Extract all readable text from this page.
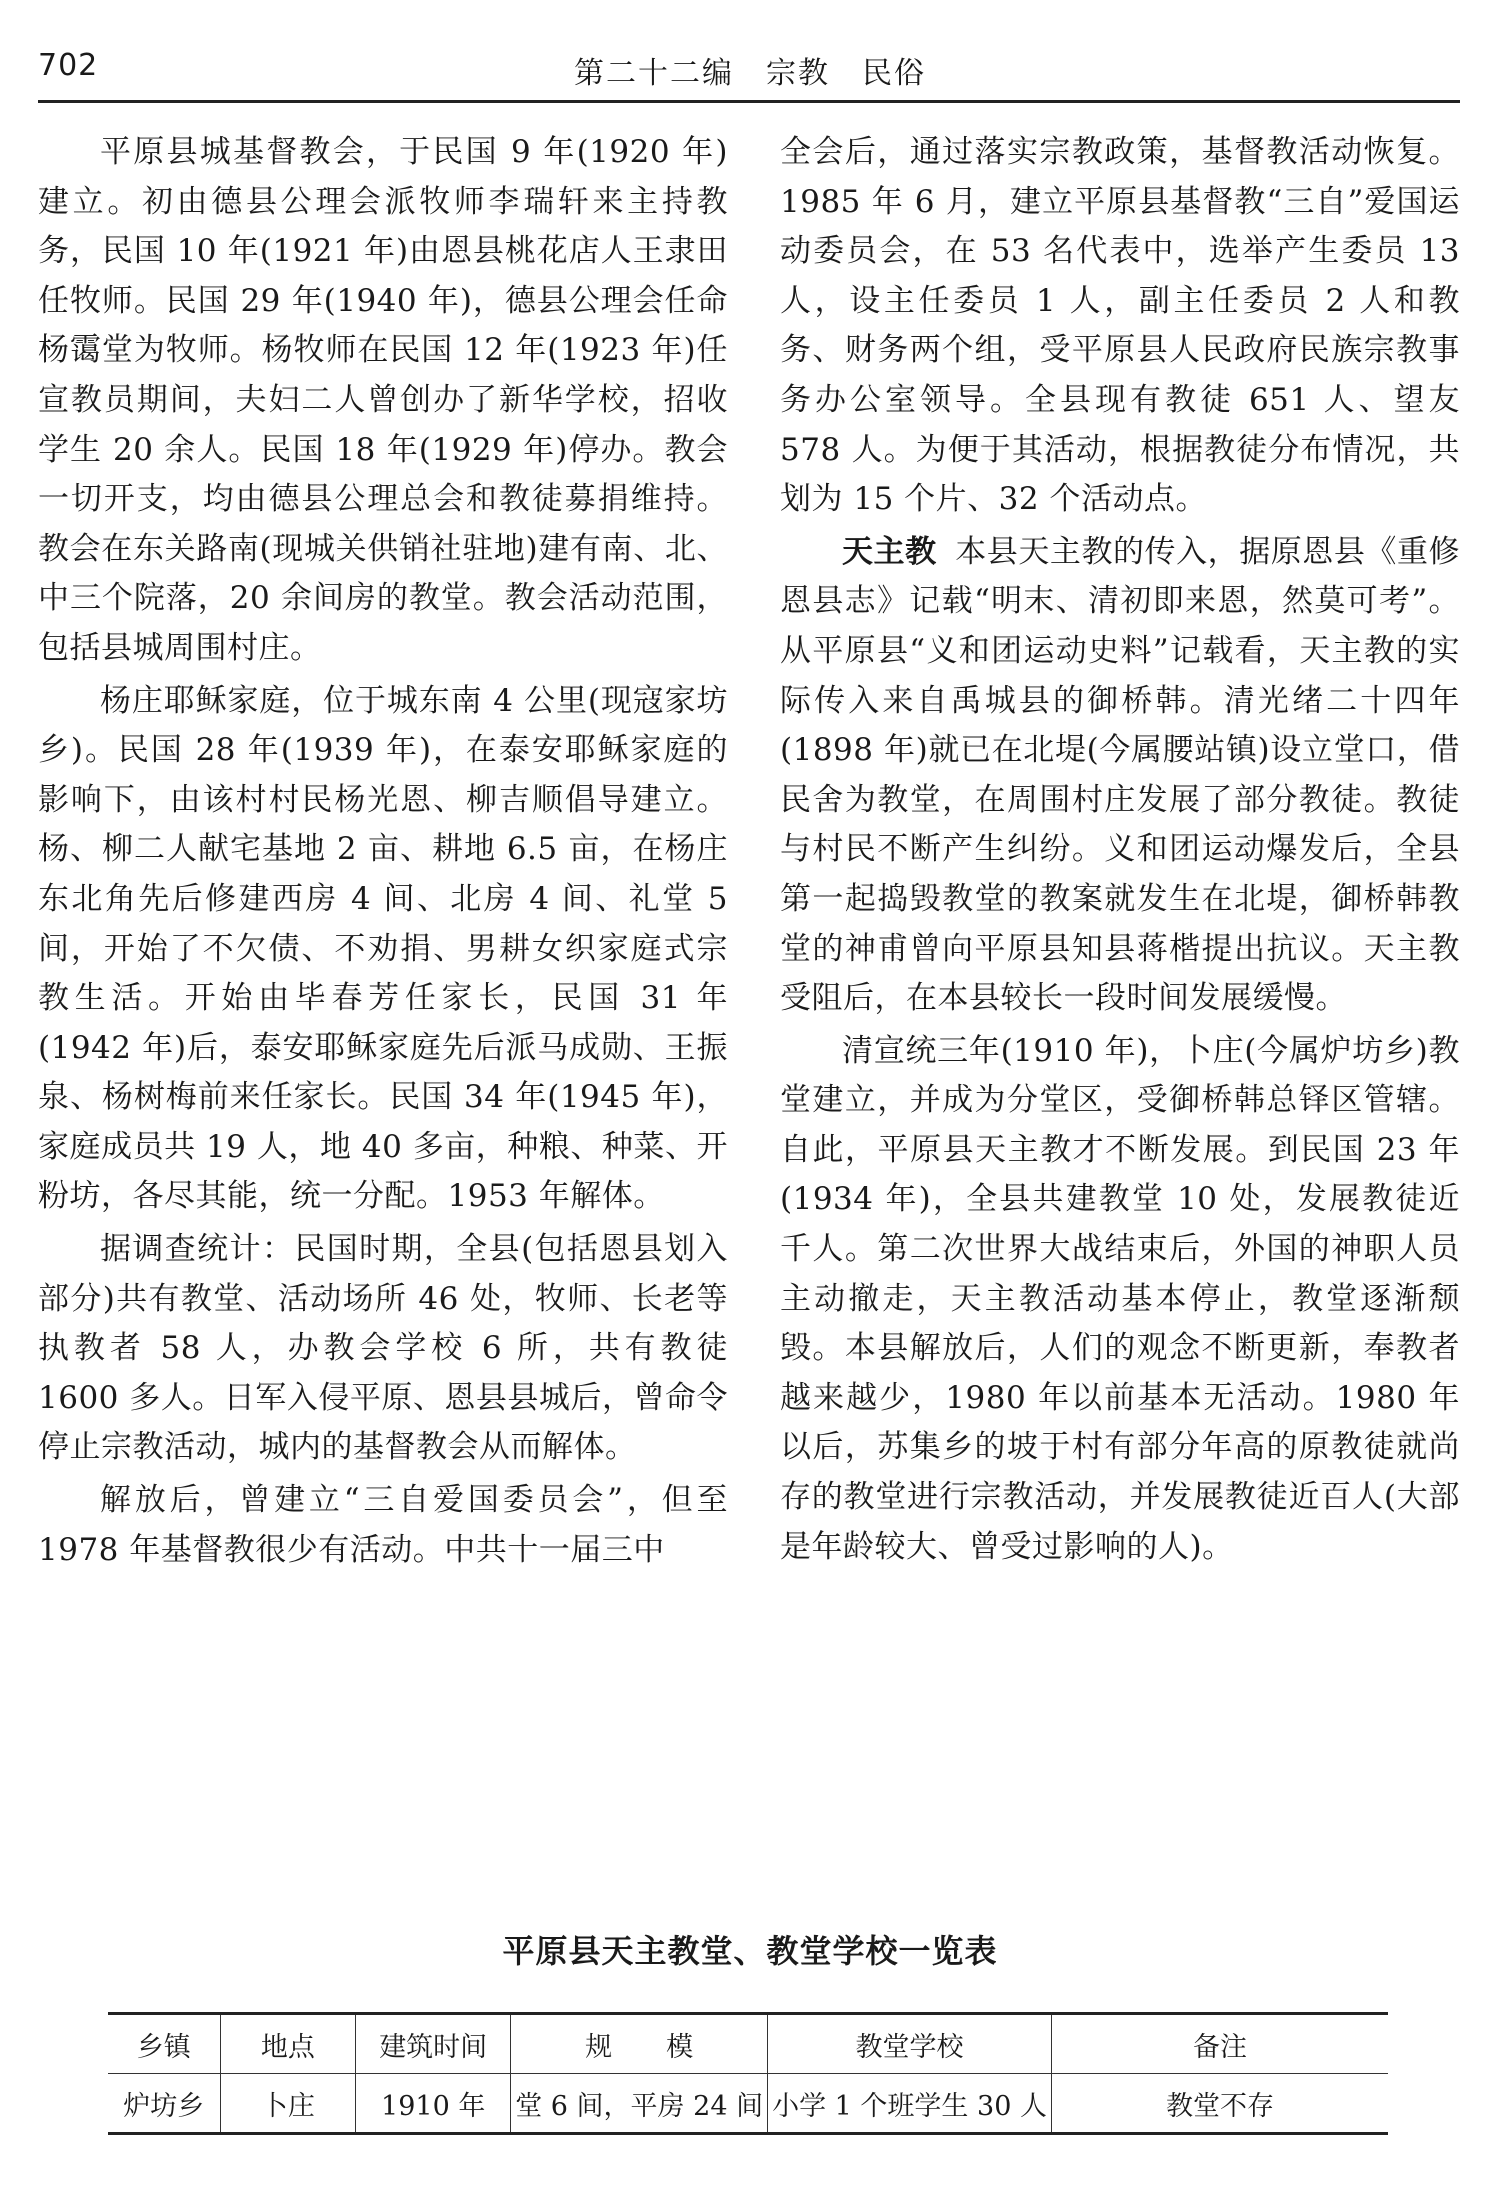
702	第二十二编　宗教　民俗

平原县城基督教会，于民国 9 年(1920 年)建立。初由德县公理会派牧师李瑞轩来主持教务，民国 10 年(1921 年)由恩县桃花店人王隶田任牧师。民国 29 年(1940 年)，德县公理会任命杨霭堂为牧师。杨牧师在民国 12 年(1923 年)任宣教员期间，夫妇二人曾创办了新华学校，招收学生 20 余人。民国 18 年(1929 年)停办。教会一切开支，均由德县公理总会和教徒募捐维持。教会在东关路南(现城关供销社驻地)建有南、北、中三个院落，20 余间房的教堂。教会活动范围，包括县城周围村庄。

杨庄耶稣家庭，位于城东南 4 公里(现寇家坊乡)。民国 28 年(1939 年)，在泰安耶稣家庭的影响下，由该村村民杨光恩、柳吉顺倡导建立。杨、柳二人献宅基地 2 亩、耕地 6.5 亩，在杨庄东北角先后修建西房 4 间、北房 4 间、礼堂 5 间，开始了不欠债、不劝捐、男耕女织家庭式宗教生活。开始由毕春芳任家长，民国 31 年(1942 年)后，泰安耶稣家庭先后派马成勋、王振泉、杨树梅前来任家长。民国 34 年(1945 年)，家庭成员共 19 人，地 40 多亩，种粮、种菜、开粉坊，各尽其能，统一分配。1953 年解体。

据调查统计：民国时期，全县(包括恩县划入部分)共有教堂、活动场所 46 处，牧师、长老等执教者 58 人，办教会学校 6 所，共有教徒 1600 多人。日军入侵平原、恩县县城后，曾命令停止宗教活动，城内的基督教会从而解体。

解放后，曾建立“三自爱国委员会”，但至 1978 年基督教很少有活动。中共十一届三中

全会后，通过落实宗教政策，基督教活动恢复。1985 年 6 月，建立平原县基督教“三自”爱国运动委员会，在 53 名代表中，选举产生委员 13 人，设主任委员 1 人，副主任委员 2 人和教务、财务两个组，受平原县人民政府民族宗教事务办公室领导。全县现有教徒 651 人、望友 578 人。为便于其活动，根据教徒分布情况，共划为 15 个片、32 个活动点。

天主教 本县天主教的传入，据原恩县《重修恩县志》记载“明末、清初即来恩，然莫可考”。从平原县“义和团运动史料”记载看，天主教的实际传入来自禹城县的御桥韩。清光绪二十四年(1898 年)就已在北堤(今属腰站镇)设立堂口，借民舍为教堂，在周围村庄发展了部分教徒。教徒与村民不断产生纠纷。义和团运动爆发后，全县第一起捣毁教堂的教案就发生在北堤，御桥韩教堂的神甫曾向平原县知县蒋楷提出抗议。天主教受阻后，在本县较长一段时间发展缓慢。

清宣统三年(1910 年)，卜庄(今属炉坊乡)教堂建立，并成为分堂区，受御桥韩总铎区管辖。自此，平原县天主教才不断发展。到民国 23 年(1934 年)，全县共建教堂 10 处，发展教徒近千人。第二次世界大战结束后，外国的神职人员主动撤走，天主教活动基本停止，教堂逐渐颓毁。本县解放后，人们的观念不断更新，奉教者越来越少，1980 年以前基本无活动。1980 年以后，苏集乡的坡于村有部分年高的原教徒就尚存的教堂进行宗教活动，并发展教徒近百人(大部是年龄较大、曾受过影响的人)。

平原县天主教堂、教堂学校一览表
乡镇	地点	建筑时间	规　　模	教堂学校	备注
炉坊乡	卜庄	1910 年	堂 6 间，平房 24 间	小学 1 个班学生 30 人	教堂不存
